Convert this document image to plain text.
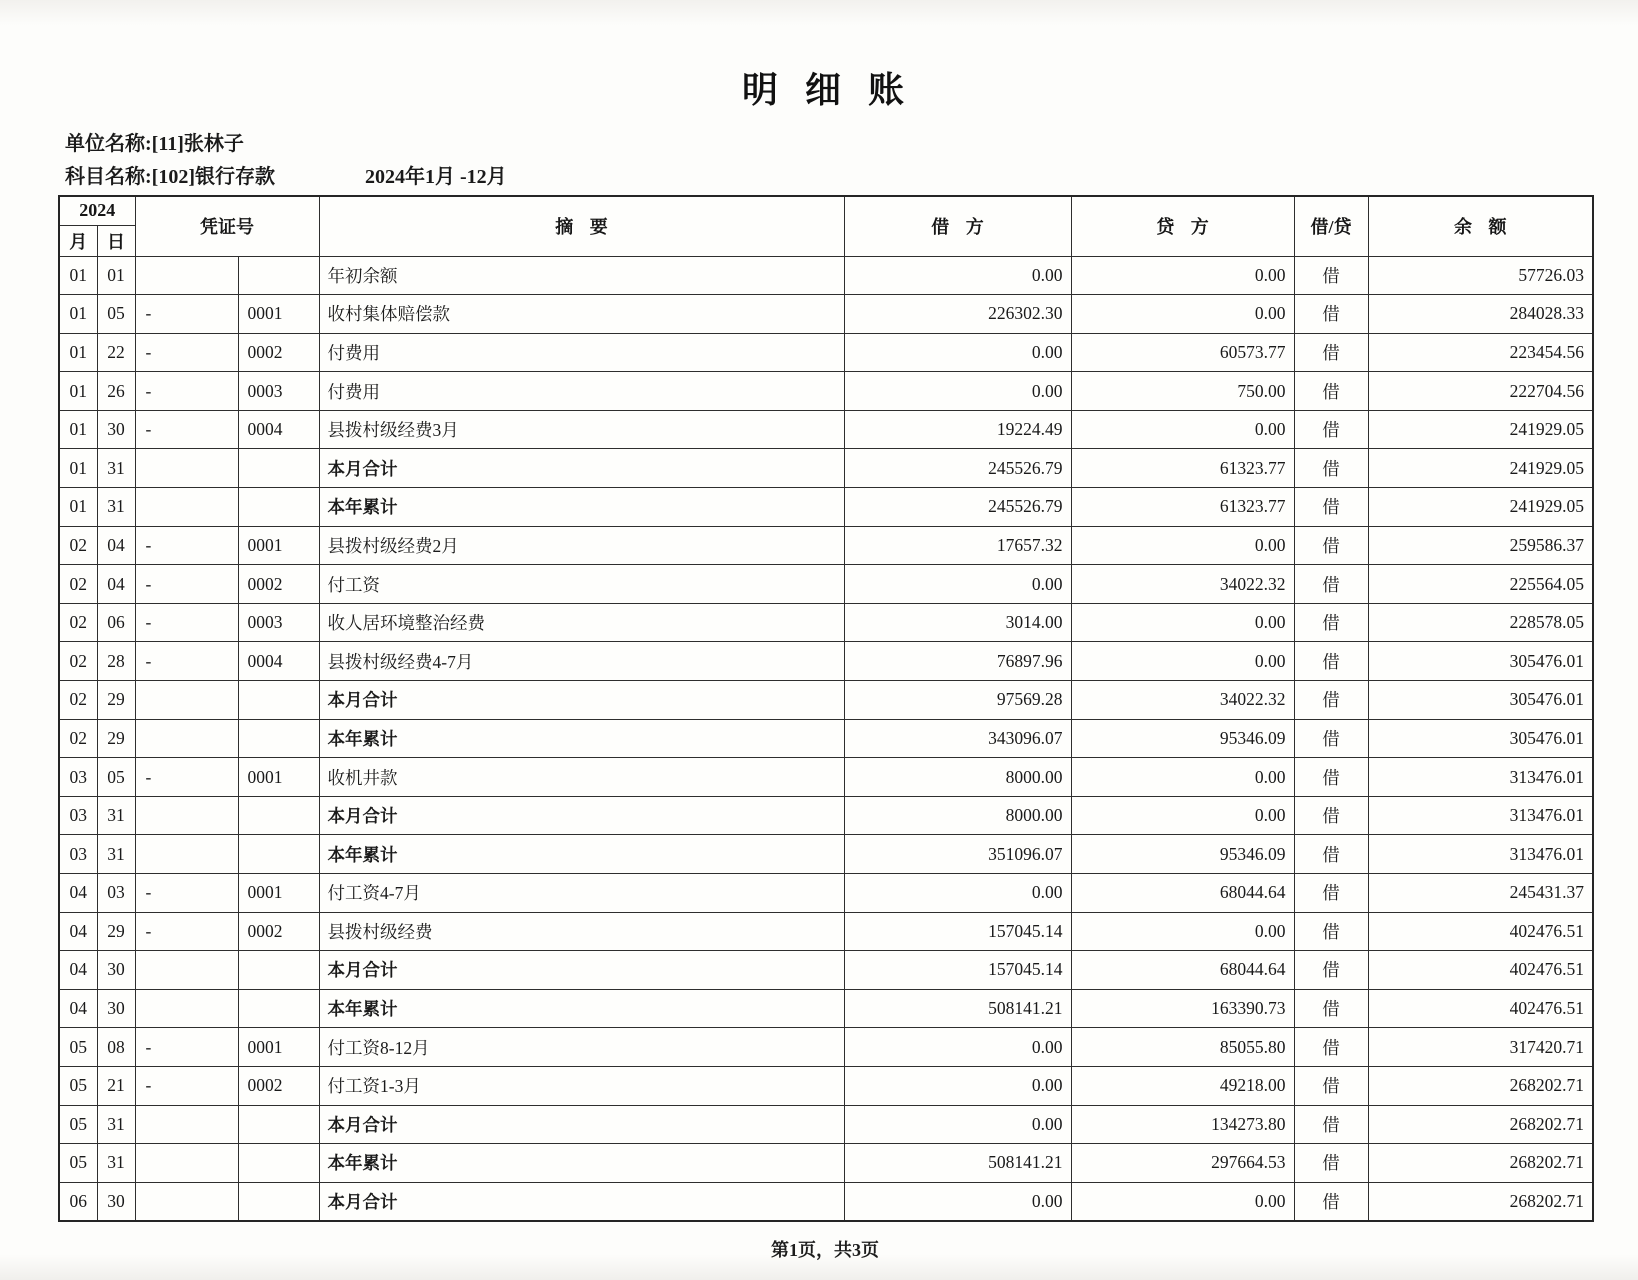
明 细 账
单位名称:[11]张林子
科目名称:[102]银行存款	2024年1月 -12月
2024		凭证号		摘 要	借 方	贷 方	借/贷	余 额
月	日							
01	01			年初余额	0.00	0.00	借	57726.03
01	05	-	0001	收村集体赔偿款	226302.30	0.00	借	284028.33
01	22	-	0002	付费用	0.00	60573.77	借	223454.56
01	26	-	0003	付费用	0.00	750.00	借	222704.56
01	30	-	0004	县拨村级经费3月	19224.49	0.00	借	241929.05
01	31			本月合计	245526.79	61323.77	借	241929.05
01	31			本年累计	245526.79	61323.77	借	241929.05
02	04	-	0001	县拨村级经费2月	17657.32	0.00	借	259586.37
02	04	-	0002	付工资	0.00	34022.32	借	225564.05
02	06	-	0003	收人居环境整治经费	3014.00	0.00	借	228578.05
02	28	-	0004	县拨村级经费4-7月	76897.96	0.00	借	305476.01
02	29			本月合计	97569.28	34022.32	借	305476.01
02	29			本年累计	343096.07	95346.09	借	305476.01
03	05	-	0001	收机井款	8000.00	0.00	借	313476.01
03	31			本月合计	8000.00	0.00	借	313476.01
03	31			本年累计	351096.07	95346.09	借	313476.01
04	03	-	0001	付工资4-7月	0.00	68044.64	借	245431.37
04	29	-	0002	县拨村级经费	157045.14	0.00	借	402476.51
04	30			本月合计	157045.14	68044.64	借	402476.51
04	30			本年累计	508141.21	163390.73	借	402476.51
05	08	-	0001	付工资8-12月	0.00	85055.80	借	317420.71
05	21	-	0002	付工资1-3月	0.00	49218.00	借	268202.71
05	31			本月合计	0.00	134273.80	借	268202.71
05	31			本年累计	508141.21	297664.53	借	268202.71
06	30			本月合计	0.00	0.00	借	268202.71
第1页，共3页
